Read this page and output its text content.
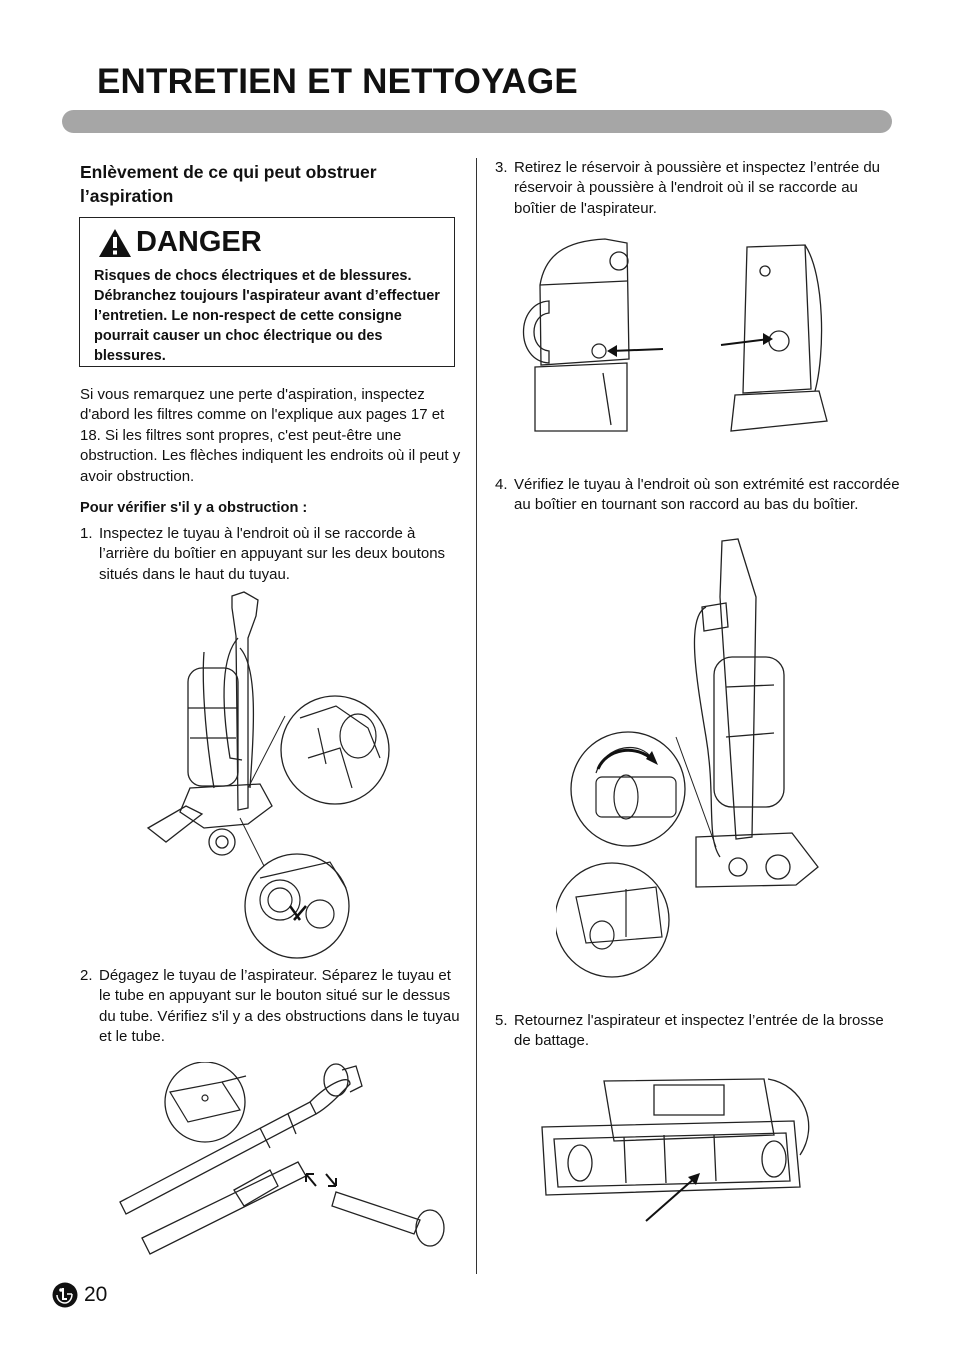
ENTRETIEN ET NETTOYAGE
Enlèvement de ce qui peut obstruer l’aspiration
DANGER

Risques de chocs électriques et de blessures. Débranchez toujours l'aspirateur avant d’effectuer l’entretien. Le non-respect de cette consigne pourrait causer un choc électrique ou des blessures.

Si vous remarquez une perte d'aspiration, inspectez d'abord les filtres comme on l'explique aux pages 17 et 18. Si les filtres sont propres, c'est peut-être une obstruction. Les flèches indiquent les endroits où il peut y avoir obstruction.

Pour vérifier s'il y a obstruction :

1. Inspectez le tuyau à l'endroit où il se raccorde à l’arrière du boîtier en appuyant sur les deux boutons situés dans le haut du tuyau.
2. Dégagez le tuyau de l’aspirateur. Séparez le tuyau et le tube en appuyant sur le bouton situé sur le dessus du tube. Vérifiez s'il y a des obstructions dans le tuyau et le tube.
3. Retirez le réservoir à poussière et inspectez l’entrée du réservoir à poussière à l'endroit où il se raccorde au boîtier de l'aspirateur.
4. Vérifiez le tuyau à l'endroit où son extrémité est raccordée au boîtier en tournant son raccord au bas du boîtier.
5. Retournez l'aspirateur et inspectez l’entrée de la brosse de battage.
20
